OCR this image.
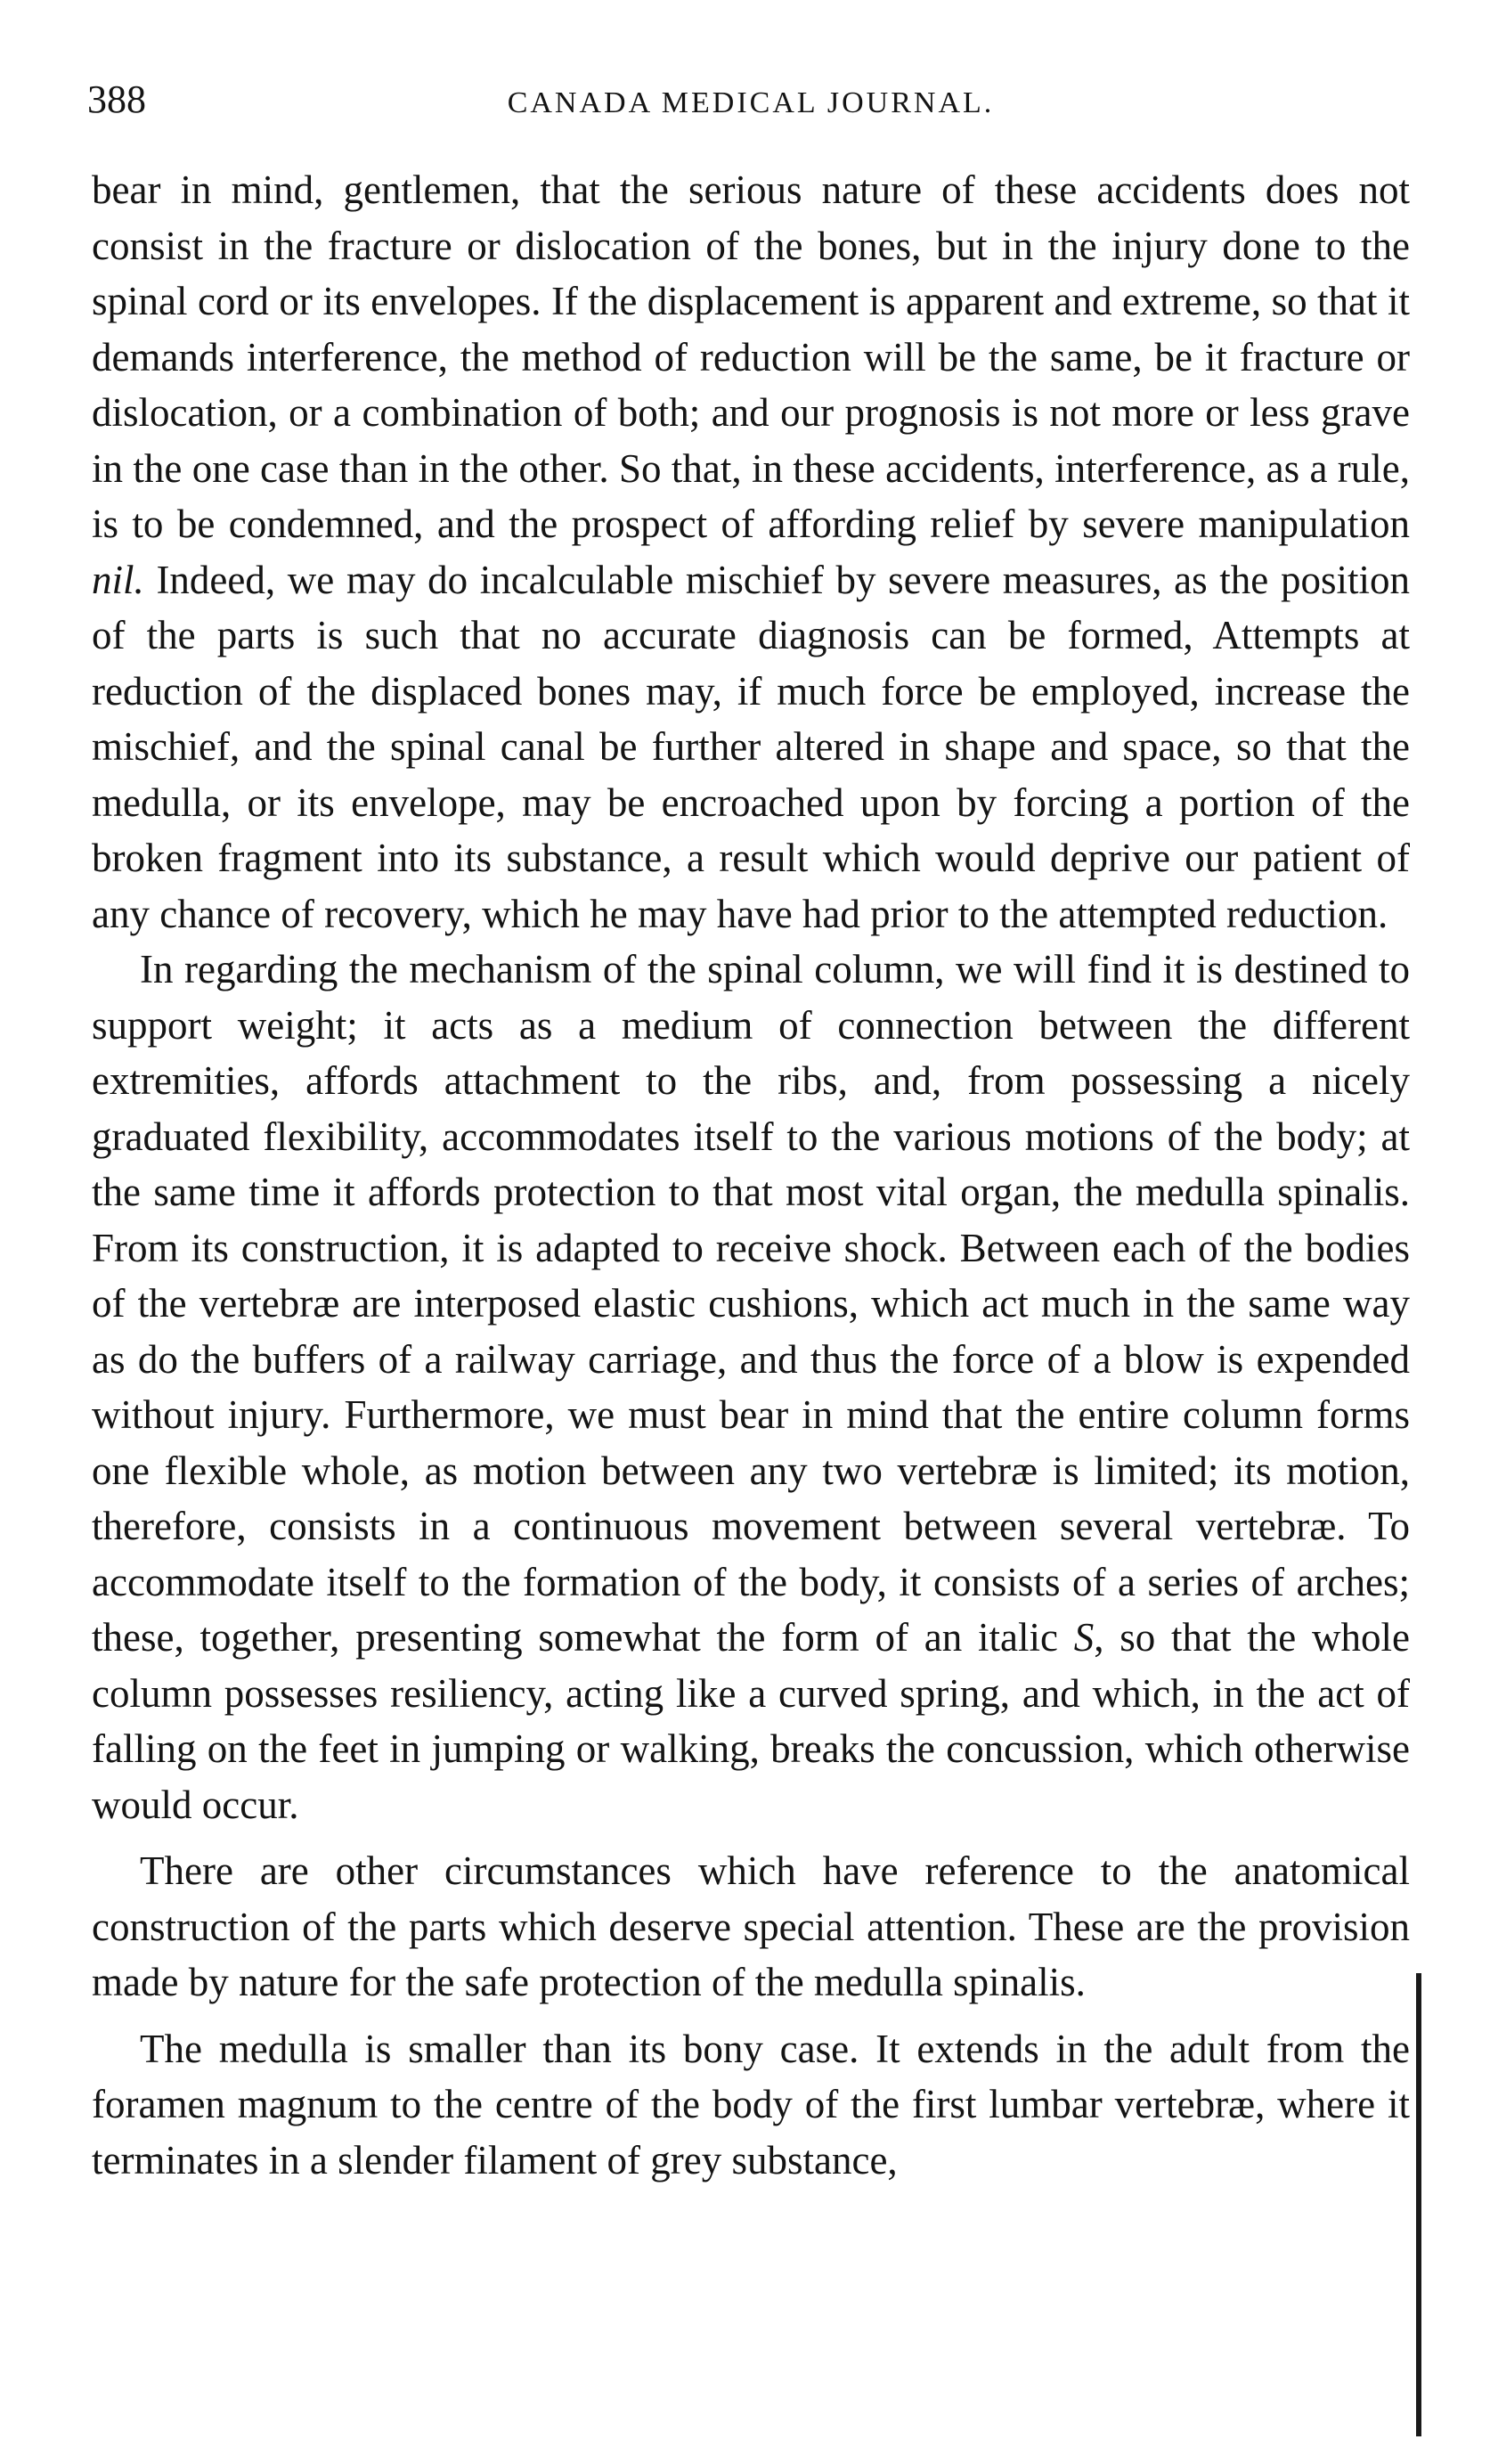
388	CANADA MEDICAL JOURNAL.

bear in mind, gentlemen, that the serious nature of these accidents does not consist in the fracture or dislocation of the bones, but in the injury done to the spinal cord or its envelopes. If the displacement is apparent and extreme, so that it demands interference, the method of reduction will be the same, be it fracture or dislocation, or a combination of both; and our prognosis is not more or less grave in the one case than in the other. So that, in these accidents, interference, as a rule, is to be condemned, and the prospect of affording relief by severe manipulation nil. Indeed, we may do incalculable mischief by severe measures, as the position of the parts is such that no accurate diagnosis can be formed, Attempts at reduction of the displaced bones may, if much force be employed, increase the mischief, and the spinal canal be further altered in shape and space, so that the medulla, or its envelope, may be encroached upon by forcing a portion of the broken fragment into its substance, a result which would deprive our patient of any chance of recovery, which he may have had prior to the attempted reduction.

In regarding the mechanism of the spinal column, we will find it is destined to support weight; it acts as a medium of connection between the different extremities, affords attachment to the ribs, and, from possessing a nicely graduated flexibility, accommodates itself to the various motions of the body; at the same time it affords protection to that most vital organ, the medulla spinalis. From its construction, it is adapted to receive shock. Between each of the bodies of the vertebræ are interposed elastic cushions, which act much in the same way as do the buffers of a railway carriage, and thus the force of a blow is expended without injury. Furthermore, we must bear in mind that the entire column forms one flexible whole, as motion between any two vertebræ is limited; its motion, therefore, consists in a continuous movement between several vertebræ. To accommodate itself to the formation of the body, it consists of a series of arches; these, together, presenting somewhat the form of an italic S, so that the whole column possesses resiliency, acting like a curved spring, and which, in the act of falling on the feet in jumping or walking, breaks the concussion, which otherwise would occur.

There are other circumstances which have reference to the anatomical construction of the parts which deserve special attention. These are the provision made by nature for the safe protection of the medulla spinalis.

The medulla is smaller than its bony case. It extends in the adult from the foramen magnum to the centre of the body of the first lumbar vertebræ, where it terminates in a slender filament of grey substance,
